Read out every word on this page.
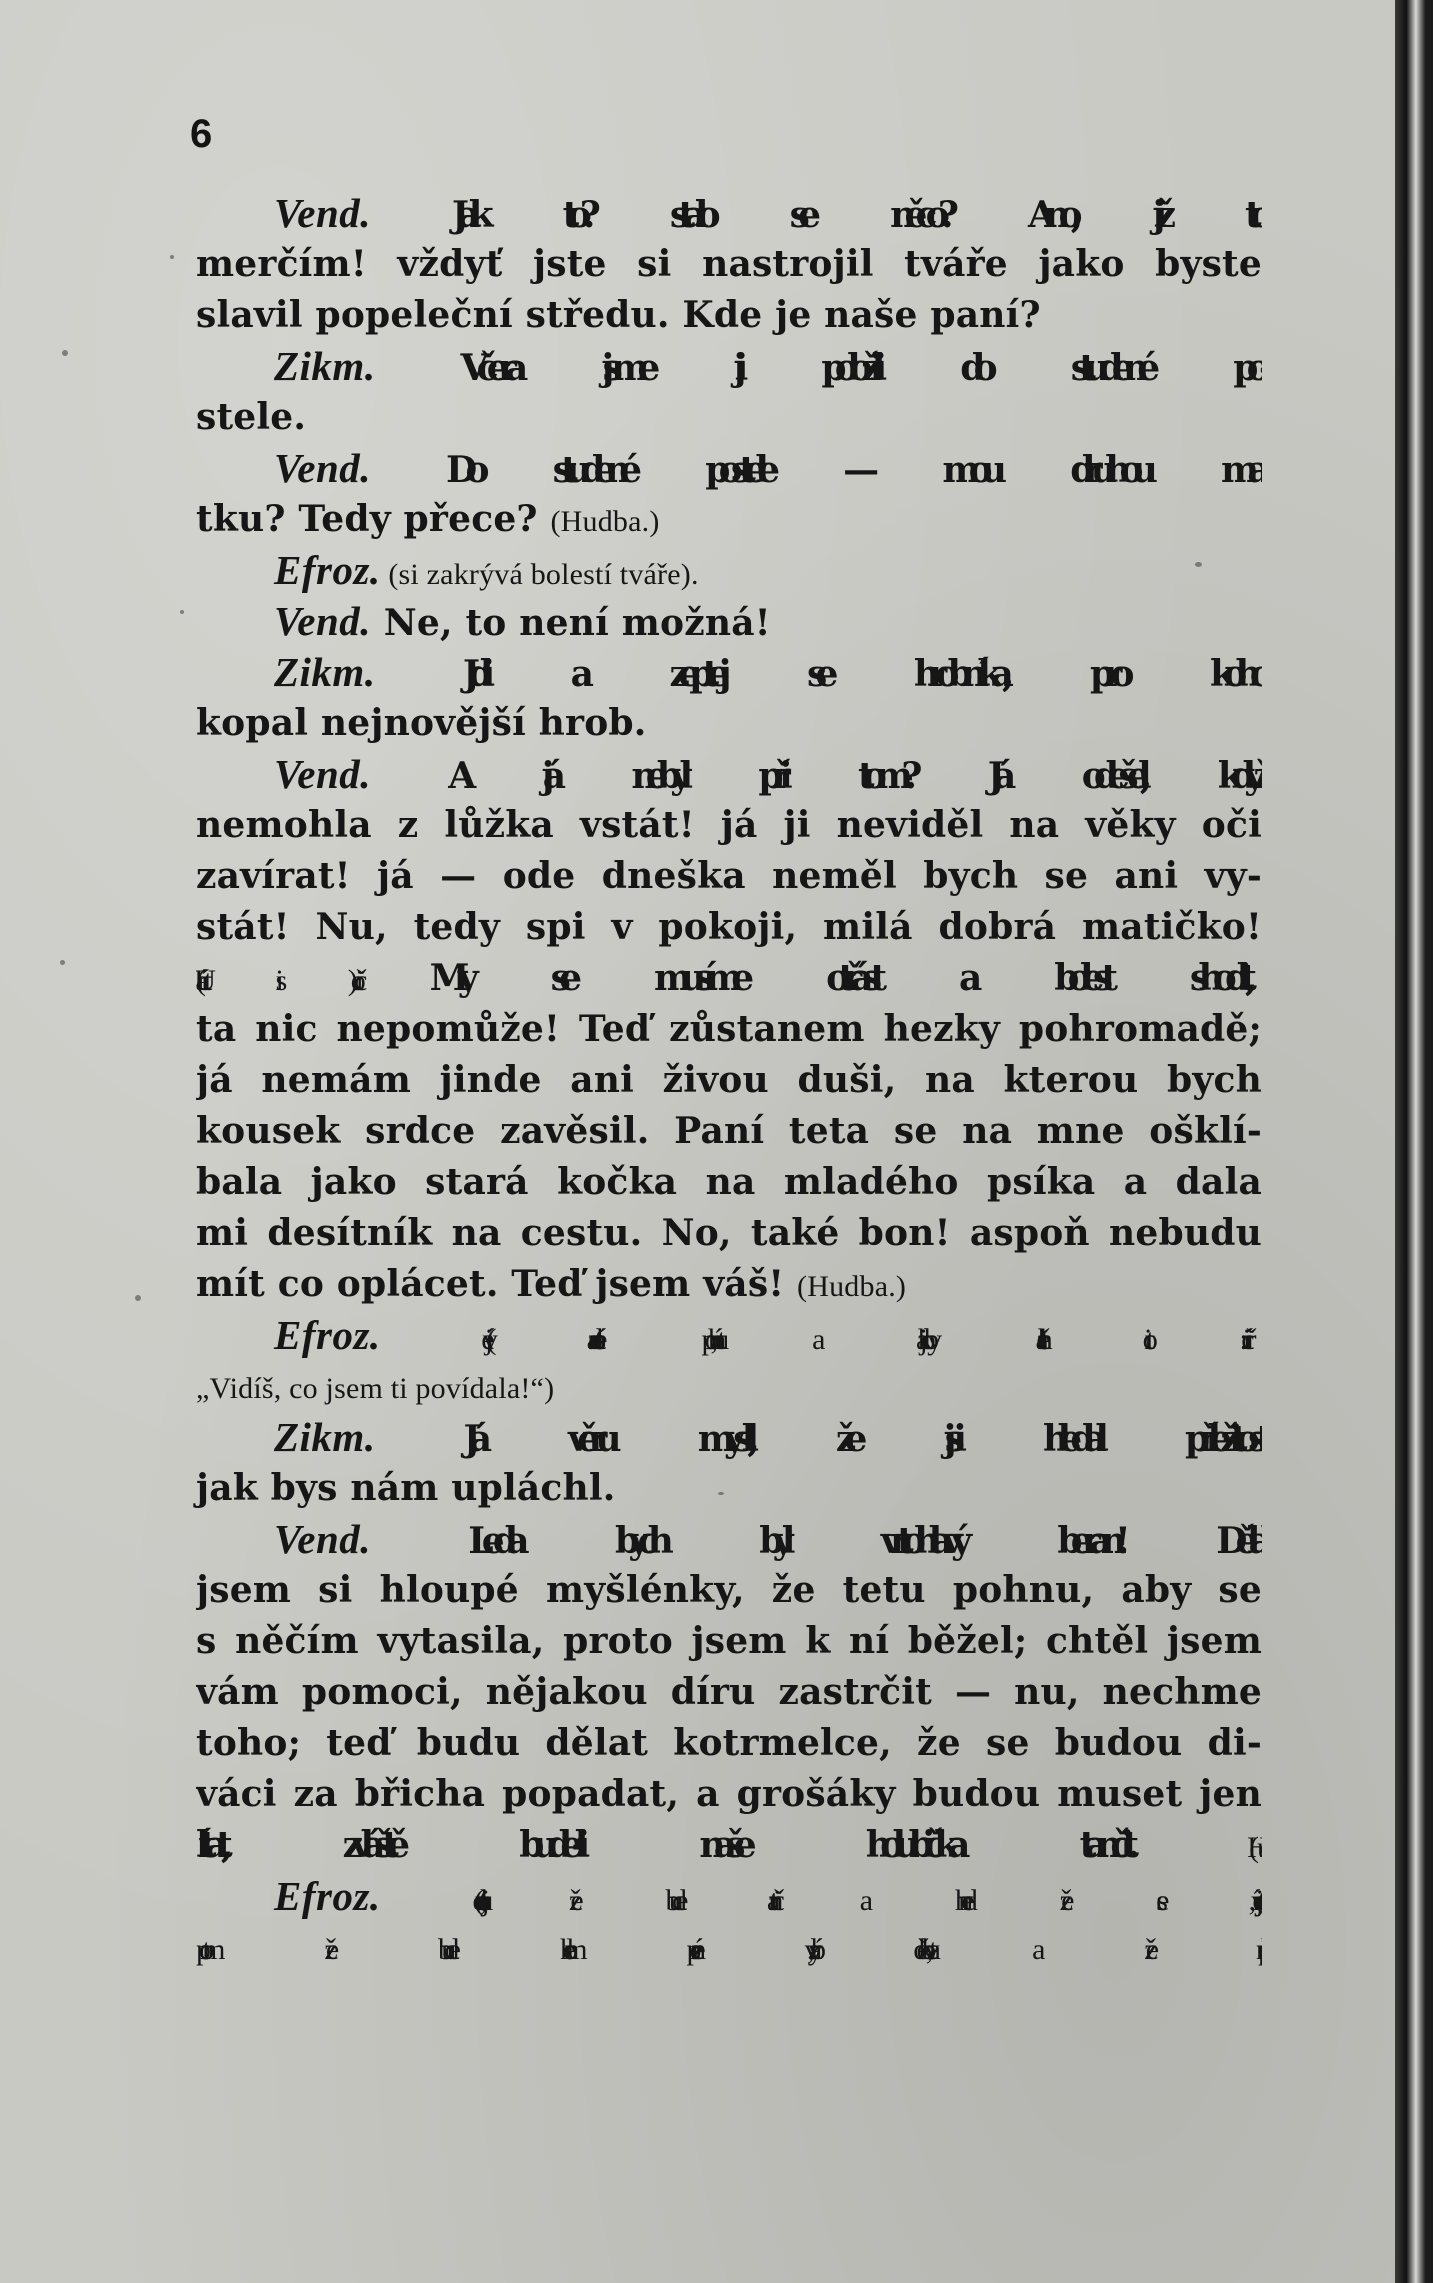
6
Vend. Jak to? stalo se něco? Ano, již to
merčím! vždyť jste si nastrojil tváře jako byste
slavil popeleční středu. Kde je naše paní?
Zikm. Včera jsme ji položili do studené po-
stele.
Vend. Do studené postele — mou druhou ma-
tku? Tedy přece? (Hudba.)
Efroz. (si zakrývá bolestí tváře).
Vend. Ne, to není možná!
Zikm. Jdi a zeptej se hrobníka, pro koho
kopal nejnovější hrob.
Vend. A já nebyl při tom? Já odešel, když
nemohla z lůžka vstát! já ji neviděl na věky oči
zavírat! já — ode dneška neměl bych se ani vy-
stát! Nu, tedy spi v pokoji, milá dobrá matičko!
(Utírá si oči.) My se musíme otřást a bolest shodit,
ta nic nepomůže! Teď zůstanem hezky pohromadě;
já nemám jinde ani živou duši, na kterou bych
kousek srdce zavěsil. Paní teta se na mne ošklí-
bala jako stará kočka na mladého psíka a dala
mi desítník na cestu. No, také bon! aspoň nebudu
mít co oplácet. Teď jsem váš! (Hudba.)
Efroz. (jeví radostné pohnutí, a jakoby chtěla otci říci:
„Vidíš, co jsem ti povídala!“)
Zikm. Já věru myslil, že jsi hledal příležitost,
jak bys nám upláchl.
Vend. Leda bych byl vrtohlavý beran! Dělal
jsem si hloupé myšlénky, že tetu pohnu, aby se
s něčím vytasila, proto jsem k ní běžel; chtěl jsem
vám pomoci, nějakou díru zastrčit — nu, nechme
toho; teď budu dělat kotrmelce, že se budou di-
váci za břicha popadat, a grošáky budou muset jen
lítat, zvláště bude-li naše holubička tančit. (Hudba.)
Efroz. (dotvrzuje, že bude tančit a hned že se vystrojí,
potom že bude kolem peníze vybírat, děkovat, a že přinese
